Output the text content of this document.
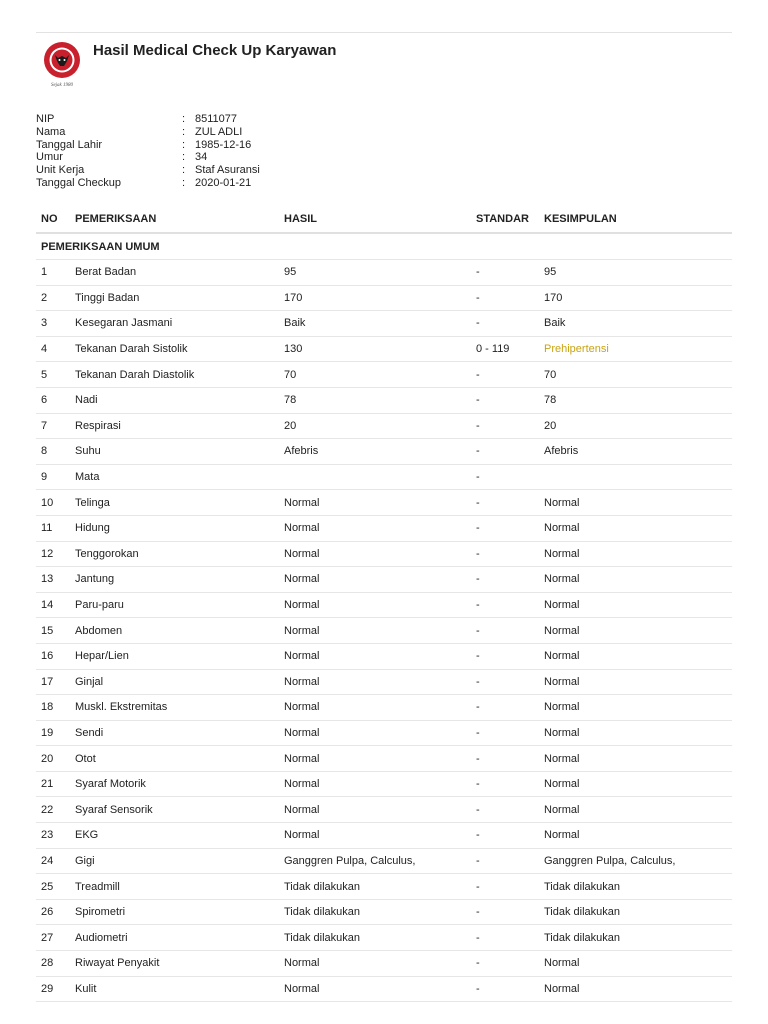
Sejak 1980
Hasil Medical Check Up Karyawan
NIP	: 8511077
Nama	: ZUL ADLI
Tanggal Lahir	: 1985-12-16
Umur	: 34
Unit Kerja	: Staf Asuransi
Tanggal Checkup	: 2020-01-21
NO	PEMERIKSAAN	HASIL	STANDAR	KESIMPULAN
PEMERIKSAAN UMUM				
1	Berat Badan	95	-	95
2	Tinggi Badan	170	-	170
3	Kesegaran Jasmani	Baik	-	Baik
4	Tekanan Darah Sistolik	130	0 - 119	Prehipertensi
5	Tekanan Darah Diastolik	70	-	70
6	Nadi	78	-	78
7	Respirasi	20	-	20
8	Suhu	Afebris	-	Afebris
9	Mata		-	
10	Telinga	Normal	-	Normal
11	Hidung	Normal	-	Normal
12	Tenggorokan	Normal	-	Normal
13	Jantung	Normal	-	Normal
14	Paru-paru	Normal	-	Normal
15	Abdomen	Normal	-	Normal
16	Hepar/Lien	Normal	-	Normal
17	Ginjal	Normal	-	Normal
18	Muskl. Ekstremitas	Normal	-	Normal
19	Sendi	Normal	-	Normal
20	Otot	Normal	-	Normal
21	Syaraf Motorik	Normal	-	Normal
22	Syaraf Sensorik	Normal	-	Normal
23	EKG	Normal	-	Normal
24	Gigi	Ganggren Pulpa, Calculus,	-	Ganggren Pulpa, Calculus,
25	Treadmill	Tidak dilakukan	-	Tidak dilakukan
26	Spirometri	Tidak dilakukan	-	Tidak dilakukan
27	Audiometri	Tidak dilakukan	-	Tidak dilakukan
28	Riwayat Penyakit	Normal	-	Normal
29	Kulit	Normal	-	Normal
